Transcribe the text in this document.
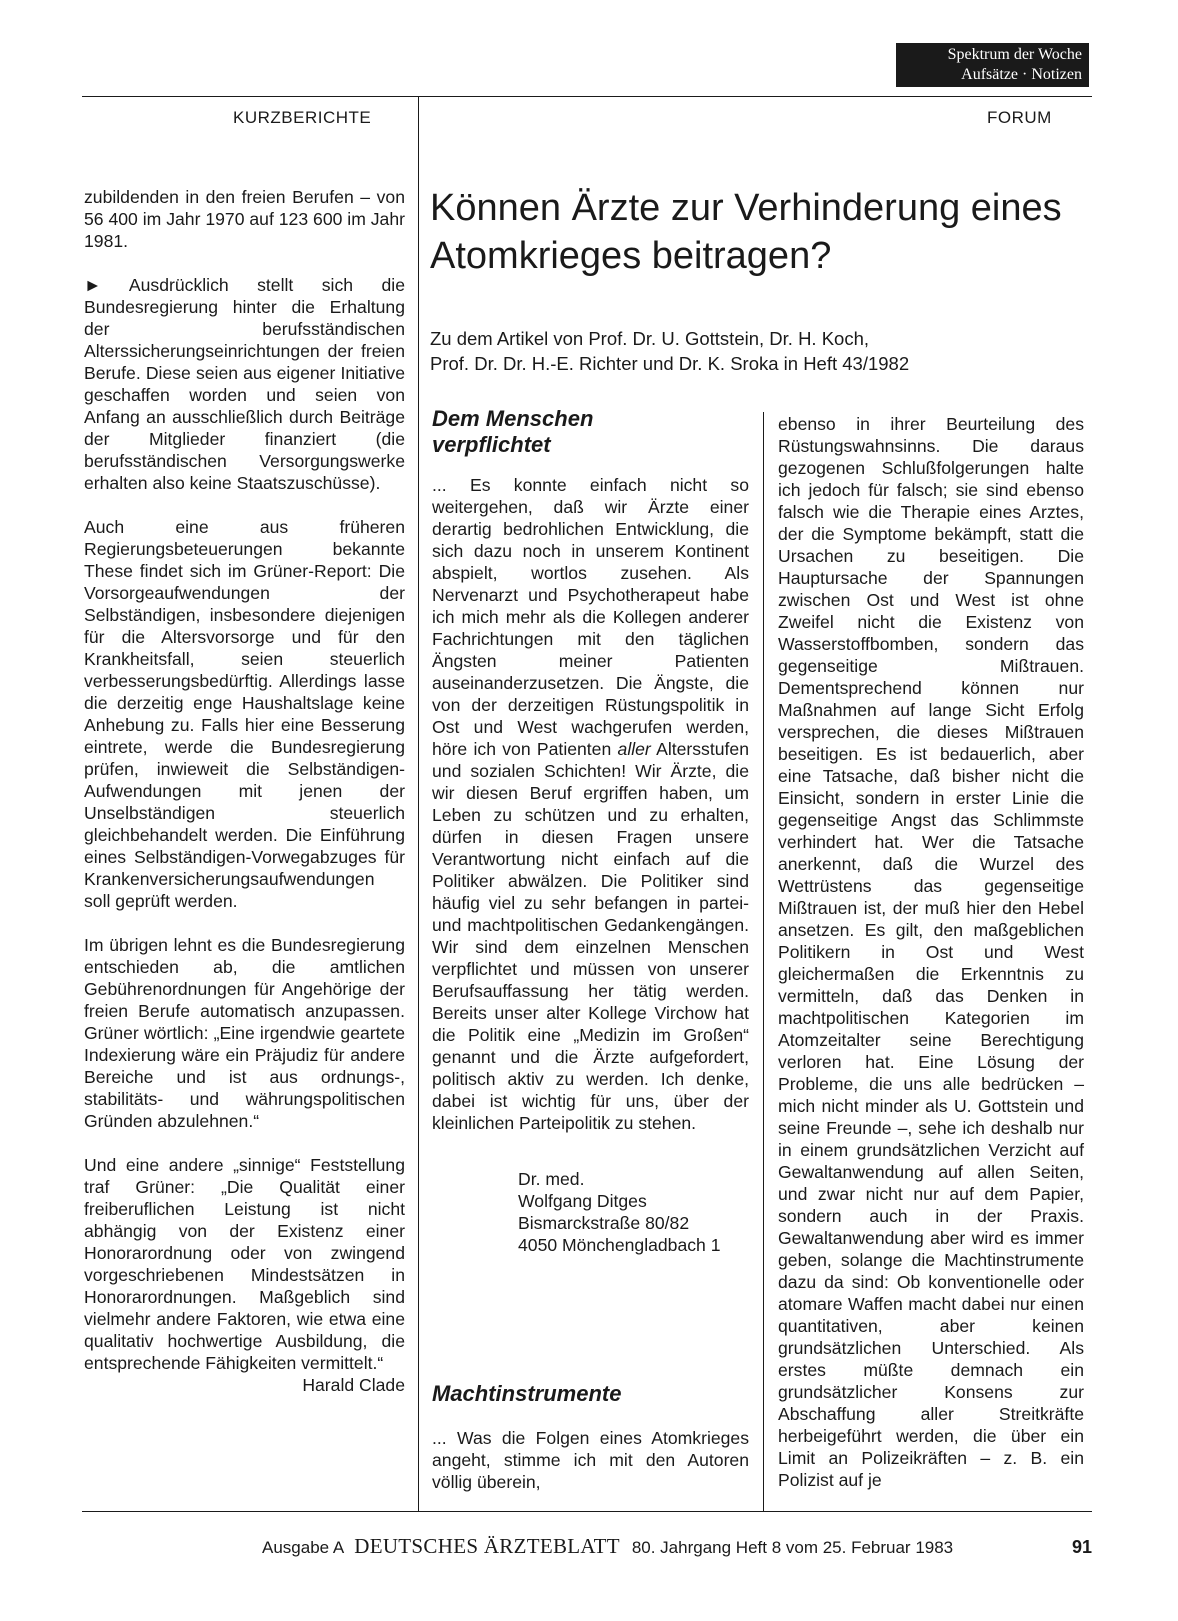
Spektrum der Woche
Aufsätze · Notizen
KURZBERICHTE	FORUM

zubildenden in den freien Berufen – von 56 400 im Jahr 1970 auf 123 600 im Jahr 1981.

► Ausdrücklich stellt sich die Bundesregierung hinter die Erhaltung der berufsständischen Alterssicherungseinrichtungen der freien Berufe. Diese seien aus eigener Initiative geschaffen worden und seien von Anfang an ausschließlich durch Beiträge der Mitglieder finanziert (die berufsständischen Versorgungswerke erhalten also keine Staatszuschüsse).

Auch eine aus früheren Regierungsbeteuerungen bekannte These findet sich im Grüner-Report: Die Vorsorgeaufwendungen der Selbständigen, insbesondere diejenigen für die Altersvorsorge und für den Krankheitsfall, seien steuerlich verbesserungsbedürftig. Allerdings lasse die derzeitig enge Haushaltslage keine Anhebung zu. Falls hier eine Besserung eintrete, werde die Bundesregierung prüfen, inwieweit die Selbständigen-Aufwendungen mit jenen der Unselbständigen steuerlich gleichbehandelt werden. Die Einführung eines Selbständigen-Vorwegabzuges für Krankenversicherungsaufwendungen soll geprüft werden.

Im übrigen lehnt es die Bundesregierung entschieden ab, die amtlichen Gebührenordnungen für Angehörige der freien Berufe automatisch anzupassen. Grüner wörtlich: „Eine irgendwie geartete Indexierung wäre ein Präjudiz für andere Bereiche und ist aus ordnungs-, stabilitäts- und währungspolitischen Gründen abzulehnen.“

Und eine andere „sinnige“ Feststellung traf Grüner: „Die Qualität einer freiberuflichen Leistung ist nicht abhängig von der Existenz einer Honorarordnung oder von zwingend vorgeschriebenen Mindestsätzen in Honorarordnungen. Maßgeblich sind vielmehr andere Faktoren, wie etwa eine qualitativ hochwertige Ausbildung, die entsprechende Fähigkeiten vermittelt.“
Harald Clade

Können Ärzte zur Verhinderung eines Atomkrieges beitragen?
Zu dem Artikel von Prof. Dr. U. Gottstein, Dr. H. Koch,
Prof. Dr. Dr. H.-E. Richter und Dr. K. Sroka in Heft 43/1982
Dem Menschen
verpflichtet
... Es konnte einfach nicht so weitergehen, daß wir Ärzte einer derartig bedrohlichen Entwicklung, die sich dazu noch in unserem Kontinent abspielt, wortlos zusehen. Als Nervenarzt und Psychotherapeut habe ich mich mehr als die Kollegen anderer Fachrichtungen mit den täglichen Ängsten meiner Patienten auseinanderzusetzen. Die Ängste, die von der derzeitigen Rüstungspolitik in Ost und West wachgerufen werden, höre ich von Patienten aller Altersstufen und sozialen Schichten! Wir Ärzte, die wir diesen Beruf ergriffen haben, um Leben zu schützen und zu erhalten, dürfen in diesen Fragen unsere Verantwortung nicht einfach auf die Politiker abwälzen. Die Politiker sind häufig viel zu sehr befangen in partei- und machtpolitischen Gedankengängen. Wir sind dem einzelnen Menschen verpflichtet und müssen von unserer Berufsauffassung her tätig werden. Bereits unser alter Kollege Virchow hat die Politik eine „Medizin im Großen“ genannt und die Ärzte aufgefordert, politisch aktiv zu werden. Ich denke, dabei ist wichtig für uns, über der kleinlichen Parteipolitik zu stehen.
Dr. med.
Wolfgang Ditges
Bismarckstraße 80/82
4050 Mönchengladbach 1
Machtinstrumente
... Was die Folgen eines Atomkrieges angeht, stimme ich mit den Autoren völlig überein,
ebenso in ihrer Beurteilung des Rüstungswahnsinns. Die daraus gezogenen Schlußfolgerungen halte ich jedoch für falsch; sie sind ebenso falsch wie die Therapie eines Arztes, der die Symptome bekämpft, statt die Ursachen zu beseitigen. Die Hauptursache der Spannungen zwischen Ost und West ist ohne Zweifel nicht die Existenz von Wasserstoffbomben, sondern das gegenseitige Mißtrauen. Dementsprechend können nur Maßnahmen auf lange Sicht Erfolg versprechen, die dieses Mißtrauen beseitigen. Es ist bedauerlich, aber eine Tatsache, daß bisher nicht die Einsicht, sondern in erster Linie die gegenseitige Angst das Schlimmste verhindert hat. Wer die Tatsache anerkennt, daß die Wurzel des Wettrüstens das gegenseitige Mißtrauen ist, der muß hier den Hebel ansetzen. Es gilt, den maßgeblichen Politikern in Ost und West gleichermaßen die Erkenntnis zu vermitteln, daß das Denken in machtpolitischen Kategorien im Atomzeitalter seine Berechtigung verloren hat. Eine Lösung der Probleme, die uns alle bedrücken – mich nicht minder als U. Gottstein und seine Freunde –, sehe ich deshalb nur in einem grundsätzlichen Verzicht auf Gewaltanwendung auf allen Seiten, und zwar nicht nur auf dem Papier, sondern auch in der Praxis. Gewaltanwendung aber wird es immer geben, solange die Machtinstrumente dazu da sind: Ob konventionelle oder atomare Waffen macht dabei nur einen quantitativen, aber keinen grundsätzlichen Unterschied. Als erstes müßte demnach ein grundsätzlicher Konsens zur Abschaffung aller Streitkräfte herbeigeführt werden, die über ein Limit an Polizeikräften – z. B. ein Polizist auf je
Ausgabe A DEUTSCHES ÄRZTEBLATT 80. Jahrgang Heft 8 vom 25. Februar 1983	91
